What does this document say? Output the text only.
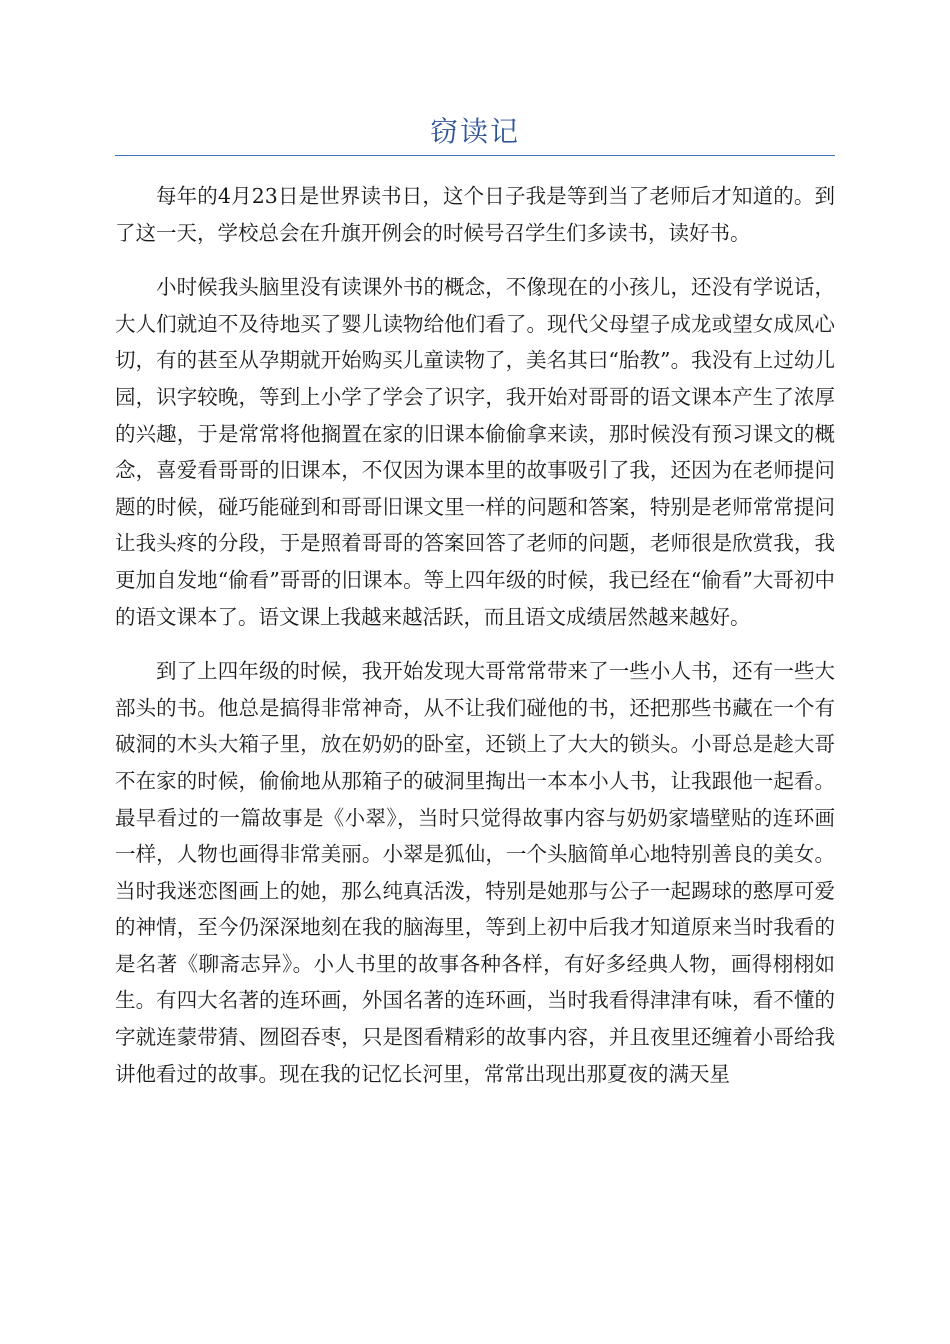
窃读记

每年的4月23日是世界读书日，这个日子我是等到当了老师后才知道的。到了这一天，学校总会在升旗开例会的时候号召学生们多读书，读好书。

小时候我头脑里没有读课外书的概念，不像现在的小孩儿，还没有学说话，大人们就迫不及待地买了婴儿读物给他们看了。现代父母望子成龙或望女成凤心切，有的甚至从孕期就开始购买儿童读物了，美名其曰“胎教”。我没有上过幼儿园，识字较晚，等到上小学了学会了识字，我开始对哥哥的语文课本产生了浓厚的兴趣，于是常常将他搁置在家的旧课本偷偷拿来读，那时候没有预习课文的概念，喜爱看哥哥的旧课本，不仅因为课本里的故事吸引了我，还因为在老师提问题的时候，碰巧能碰到和哥哥旧课文里一样的问题和答案，特别是老师常常提问让我头疼的分段，于是照着哥哥的答案回答了老师的问题，老师很是欣赏我，我更加自发地“偷看”哥哥的旧课本。等上四年级的时候，我已经在“偷看”大哥初中的语文课本了。语文课上我越来越活跃，而且语文成绩居然越来越好。

到了上四年级的时候，我开始发现大哥常常带来了一些小人书，还有一些大部头的书。他总是搞得非常神奇，从不让我们碰他的书，还把那些书藏在一个有破洞的木头大箱子里，放在奶奶的卧室，还锁上了大大的锁头。小哥总是趁大哥不在家的时候，偷偷地从那箱子的破洞里掏出一本本小人书，让我跟他一起看。最早看过的一篇故事是《小翠》，当时只觉得故事内容与奶奶家墙壁贴的连环画一样，人物也画得非常美丽。小翠是狐仙，一个头脑简单心地特别善良的美女。当时我迷恋图画上的她，那么纯真活泼，特别是她那与公子一起踢球的憨厚可爱的神情，至今仍深深地刻在我的脑海里，等到上初中后我才知道原来当时我看的是名著《聊斋志异》。小人书里的故事各种各样，有好多经典人物，画得栩栩如生。有四大名著的连环画，外国名著的连环画，当时我看得津津有味，看不懂的字就连蒙带猜、囫囵吞枣，只是图看精彩的故事内容，并且夜里还缠着小哥给我讲他看过的故事。现在我的记忆长河里，常常出现出那夏夜的满天星
